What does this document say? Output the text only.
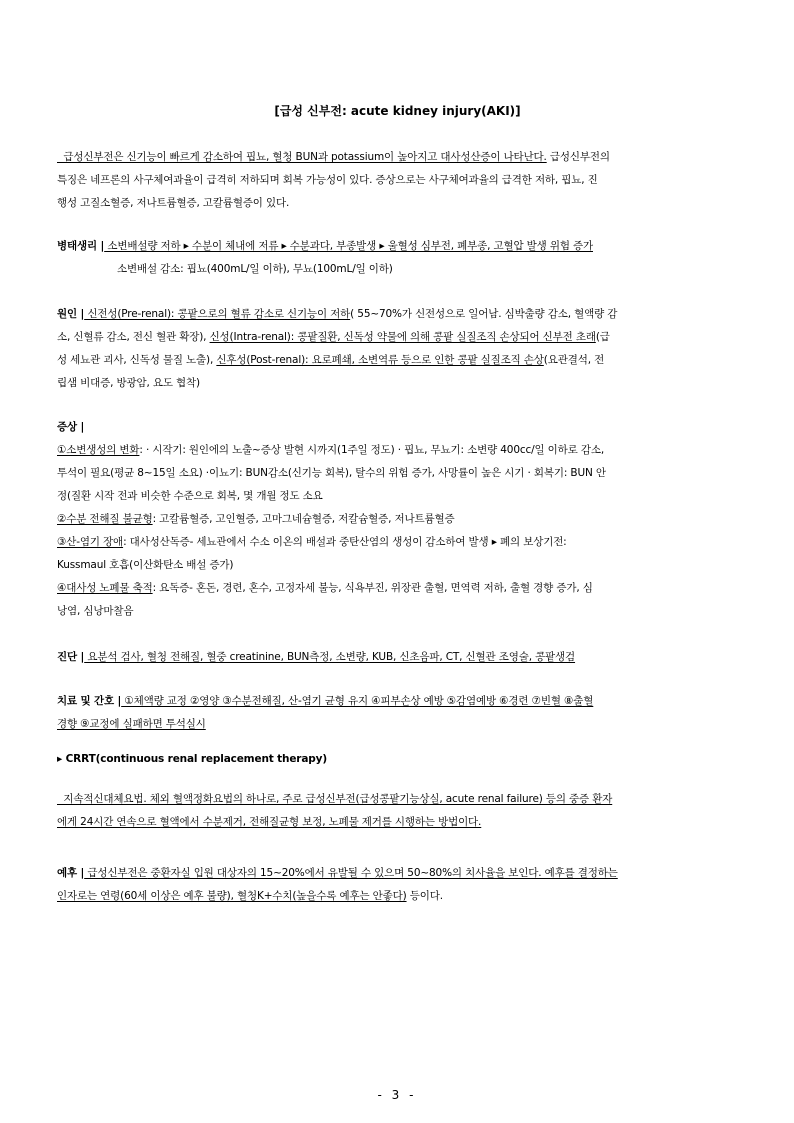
[급성 신부전: acute kidney injury(AKI)]
급성신부전은 신기능이 빠르게 감소하여 핍뇨, 혈청 BUN과 potassium이 높아지고 대사성산증이 나타난다. 급성신부전의
특징은 네프론의 사구체여과율이 급격히 저하되며 회복 가능성이 있다. 증상으로는 사구체여과율의 급격한 저하, 핍뇨, 진
행성 고질소혈증, 저나트륨혈증, 고칼륨혈증이 있다.
병태생리 | 소변배설량 저하 ▸ 수분이 체내에 저류 ▸ 수분과다, 부종발생 ▸ 울혈성 심부전, 폐부종, 고혈압 발생 위험 증가
소변배설 감소: 핍뇨(400mL/일 이하), 무뇨(100mL/일 이하)
원인 | 신전성(Pre-renal): 콩팥으로의 혈류 감소로 신기능이 저하( 55~70%가 신전성으로 일어남. 심박출량 감소, 혈액량 감
소, 신혈류 감소, 전신 혈관 확장), 신성(Intra-renal): 콩팥질환, 신독성 약물에 의해 콩팥 실질조직 손상되어 신부전 초래(급
성 세뇨관 괴사, 신독성 물질 노출), 신후성(Post-renal): 요로폐쇄, 소변역류 등으로 인한 콩팥 실질조직 손상(요관결석, 전
립샘 비대증, 방광암, 요도 협착)
증상 |
①소변생성의 변화: · 시작기: 원인에의 노출~증상 발현 시까지(1주일 정도) · 핍뇨, 무뇨기: 소변량 400cc/일 이하로 감소,
투석이 필요(평균 8~15일 소요) ·이뇨기: BUN감소(신기능 회복), 탈수의 위험 증가, 사망률이 높은 시기 · 회복기: BUN 안
정(질환 시작 전과 비슷한 수준으로 회복, 몇 개월 정도 소요
②수분 전해질 불균형: 고칼륨혈증, 고인혈증, 고마그네슘혈증, 저칼슘혈증, 저나트륨혈증
③산-염기 장애: 대사성산독증- 세뇨관에서 수소 이온의 배설과 중탄산염의 생성이 감소하여 발생 ▸ 폐의 보상기전:
Kussmaul 호흡(이산화탄소 배설 증가)
④대사성 노폐물 축적: 요독증- 혼돈, 경련, 혼수, 고정자세 불능, 식욕부진, 위장관 출혈, 면역력 저하, 출혈 경향 증가, 심
낭염, 심낭마찰음
진단 | 요분석 검사, 혈청 전해질, 혈중 creatinine, BUN측정, 소변량, KUB, 신초음파, CT, 신혈관 조영술, 콩팥생검
치료 및 간호 | ①체액량 교정 ②영양 ③수분전해질, 산-염기 균형 유지 ④피부손상 예방 ⑤감염예방 ⑥경련 ⑦빈혈 ⑧출혈
경향 ⑨교정에 실패하면 투석실시
▸ CRRT(continuous renal replacement therapy)
지속적신대체요법. 체외 혈액정화요법의 하나로, 주로 급성신부전(급성콩팥기능상실, acute renal failure) 등의 중증 환자
에게 24시간 연속으로 혈액에서 수분제거, 전해질균형 보정, 노폐물 제거를 시행하는 방법이다.
예후 | 급성신부전은 중환자실 입원 대상자의 15~20%에서 유발될 수 있으며 50~80%의 치사율을 보인다. 예후를 결정하는
인자로는 연령(60세 이상은 예후 불량), 혈청K+수치(높을수록 예후는 안좋다) 등이다.
- 3 -
